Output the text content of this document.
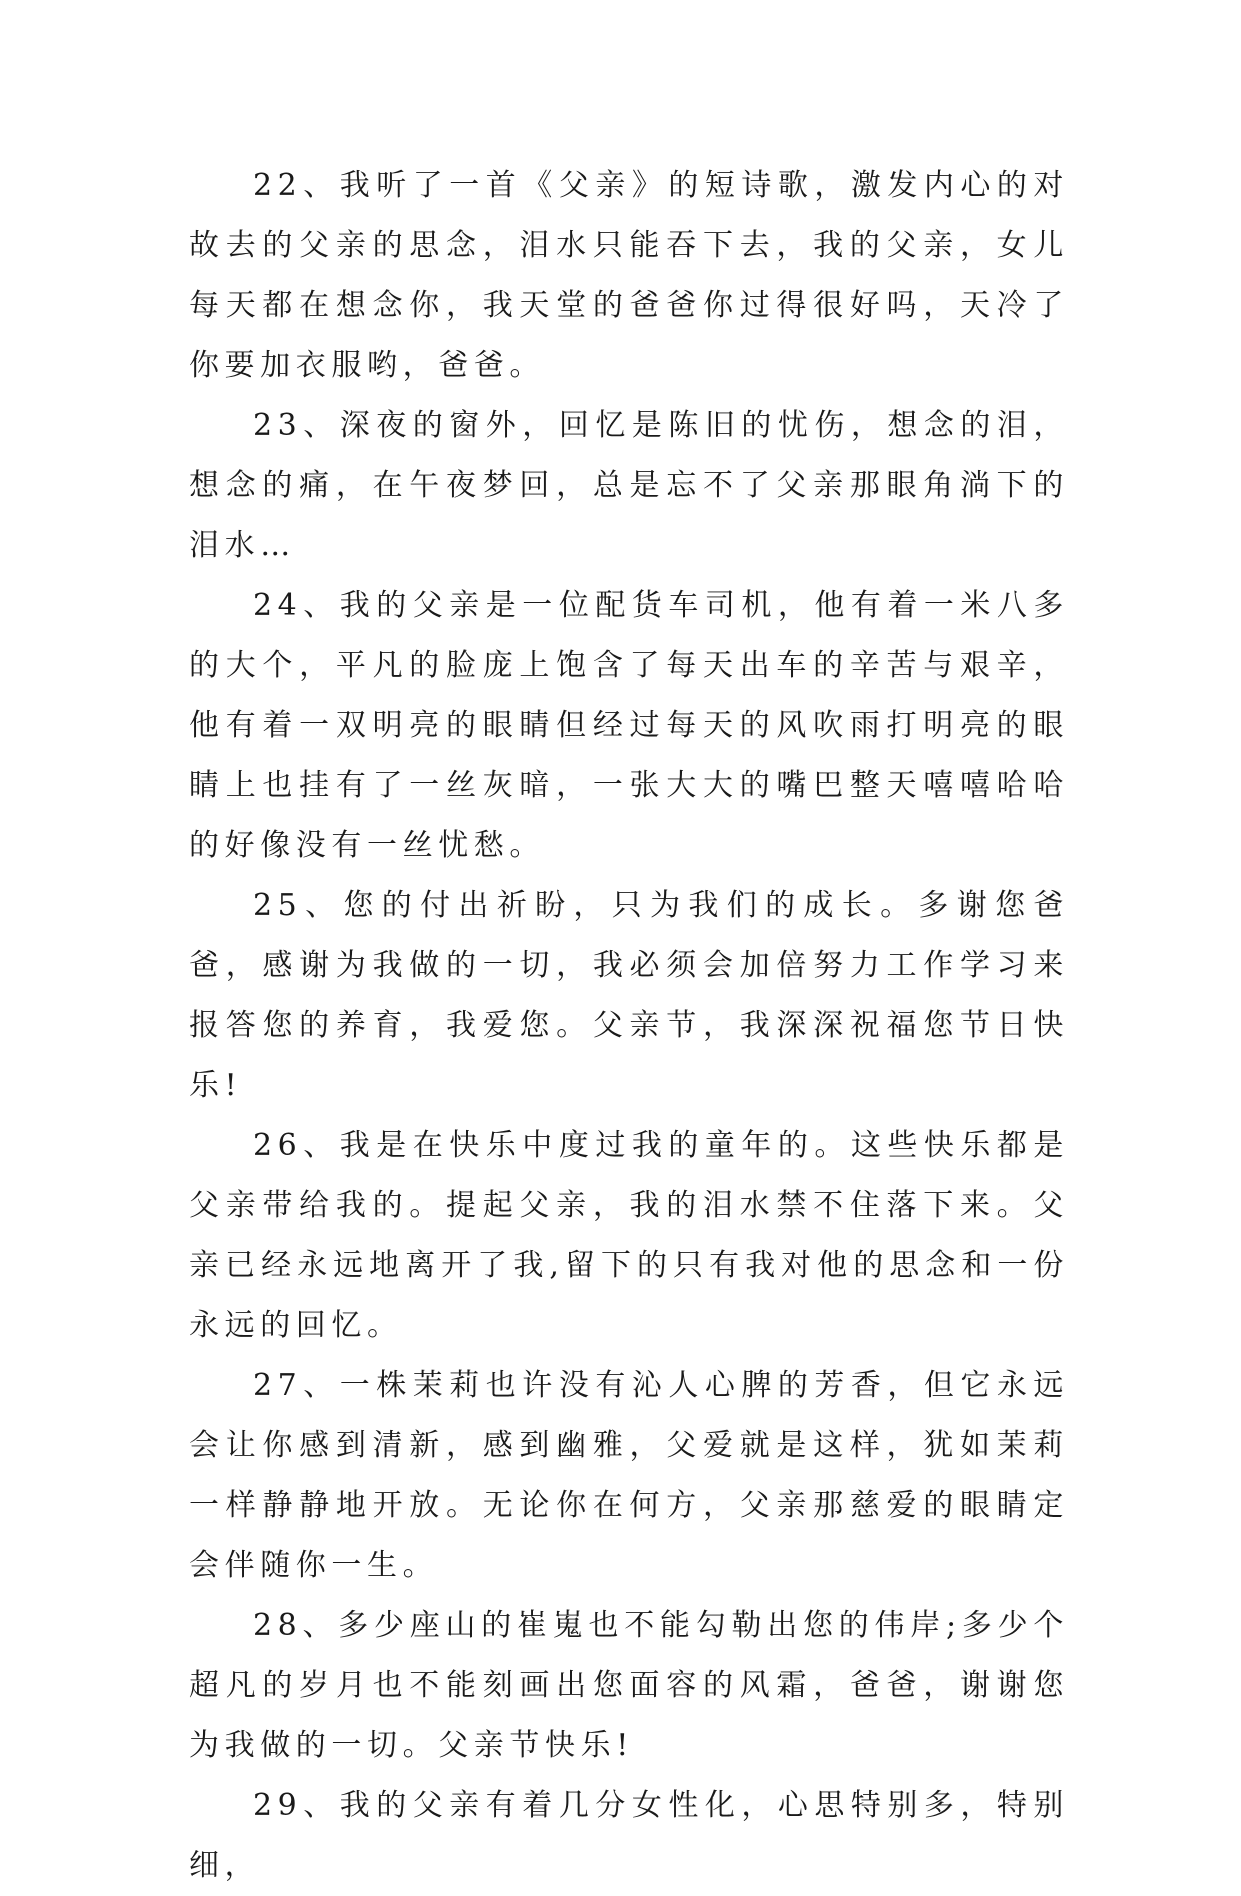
22、我听了一首《父亲》的短诗歌，激发内心的对故去的父亲的思念，泪水只能吞下去，我的父亲，女儿每天都在想念你，我天堂的爸爸你过得很好吗，天冷了你要加衣服哟，爸爸。

23、深夜的窗外，回忆是陈旧的忧伤，想念的泪，想念的痛，在午夜梦回，总是忘不了父亲那眼角淌下的泪水…

24、我的父亲是一位配货车司机，他有着一米八多的大个，平凡的脸庞上饱含了每天出车的辛苦与艰辛，他有着一双明亮的眼睛但经过每天的风吹雨打明亮的眼睛上也挂有了一丝灰暗，一张大大的嘴巴整天嘻嘻哈哈的好像没有一丝忧愁。

25、您的付出祈盼，只为我们的成长。多谢您爸爸，感谢为我做的一切，我必须会加倍努力工作学习来报答您的养育，我爱您。父亲节，我深深祝福您节日快乐!

26、我是在快乐中度过我的童年的。这些快乐都是父亲带给我的。提起父亲，我的泪水禁不住落下来。父亲已经永远地离开了我,留下的只有我对他的思念和一份永远的回忆。

27、一株茉莉也许没有沁人心脾的芳香，但它永远会让你感到清新，感到幽雅，父爱就是这样，犹如茉莉一样静静地开放。无论你在何方，父亲那慈爱的眼睛定会伴随你一生。

28、多少座山的崔嵬也不能勾勒出您的伟岸;多少个超凡的岁月也不能刻画出您面容的风霜，爸爸，谢谢您为我做的一切。父亲节快乐!

29、我的父亲有着几分女性化，心思特别多，特别细，
